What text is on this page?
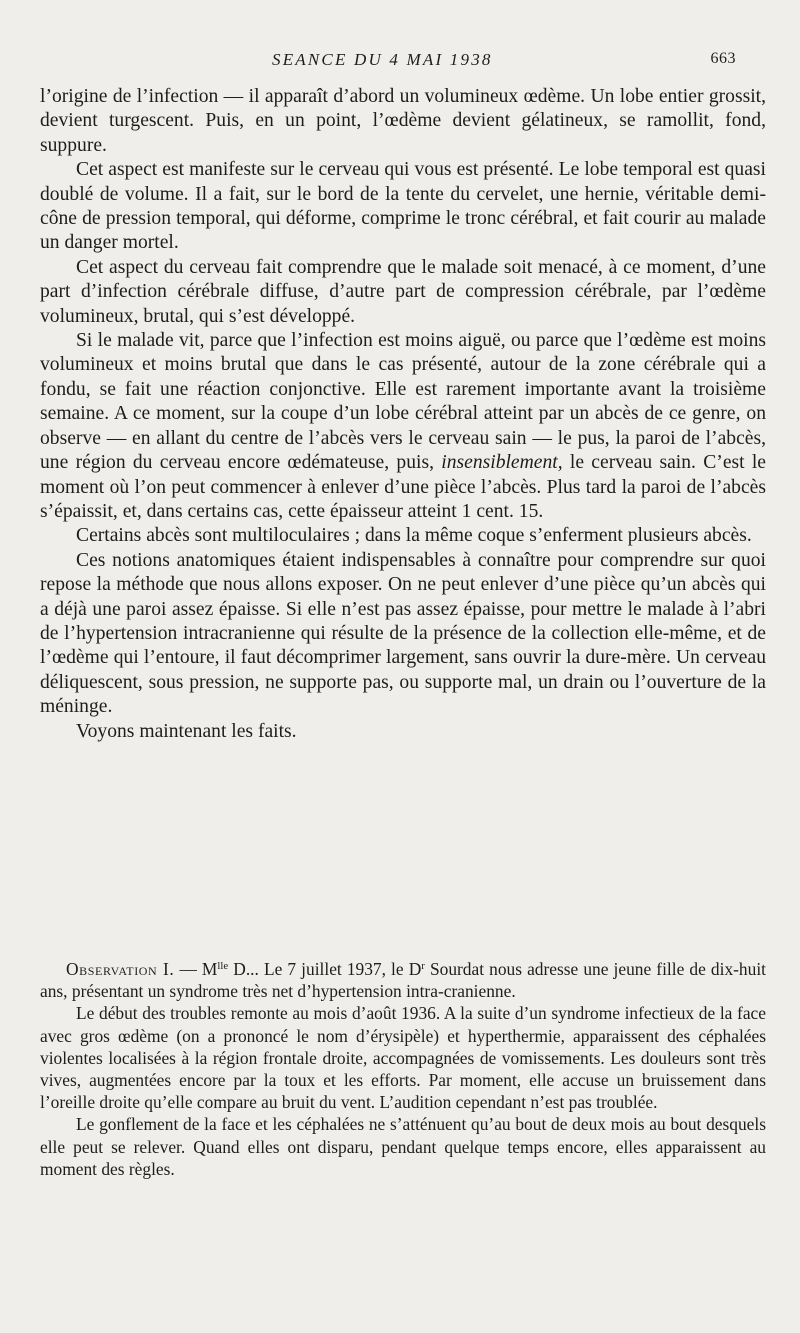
SEANCE DU 4 MAI 1938	663

l’origine de l’infection — il apparaît d’abord un volumineux œdème. Un lobe entier grossit, devient turgescent. Puis, en un point, l’œdème devient gélatineux, se ramollit, fond, suppure.

Cet aspect est manifeste sur le cerveau qui vous est présenté. Le lobe temporal est quasi doublé de volume. Il a fait, sur le bord de la tente du cervelet, une hernie, véritable demi-cône de pression temporal, qui déforme, comprime le tronc cérébral, et fait courir au malade un danger mortel.

Cet aspect du cerveau fait comprendre que le malade soit menacé, à ce moment, d’une part d’infection cérébrale diffuse, d’autre part de compression cérébrale, par l’œdème volumineux, brutal, qui s’est développé.

Si le malade vit, parce que l’infection est moins aiguë, ou parce que l’œdème est moins volumineux et moins brutal que dans le cas présenté, autour de la zone cérébrale qui a fondu, se fait une réaction conjonctive. Elle est rarement importante avant la troisième semaine. A ce moment, sur la coupe d’un lobe cérébral atteint par un abcès de ce genre, on observe — en allant du centre de l’abcès vers le cerveau sain — le pus, la paroi de l’abcès, une région du cerveau encore œdémateuse, puis, insensiblement, le cerveau sain. C’est le moment où l’on peut commencer à enlever d’une pièce l’abcès. Plus tard la paroi de l’abcès s’épaissit, et, dans certains cas, cette épaisseur atteint 1 cent. 15.

Certains abcès sont multiloculaires ; dans la même coque s’enferment plusieurs abcès.

Ces notions anatomiques étaient indispensables à connaître pour comprendre sur quoi repose la méthode que nous allons exposer. On ne peut enlever d’une pièce qu’un abcès qui a déjà une paroi assez épaisse. Si elle n’est pas assez épaisse, pour mettre le malade à l’abri de l’hypertension intracranienne qui résulte de la présence de la collection elle-même, et de l’œdème qui l’entoure, il faut décomprimer largement, sans ouvrir la dure-mère. Un cerveau déliquescent, sous pression, ne supporte pas, ou supporte mal, un drain ou l’ouverture de la méninge.

Voyons maintenant les faits.

Observation I. — $M^{lle}$ D... Le 7 juillet 1937, le $D^r$ Sourdat nous adresse une jeune fille de dix-huit ans, présentant un syndrome très net d’hypertension intra-cranienne.

Le début des troubles remonte au mois d’août 1936. A la suite d’un syndrome infectieux de la face avec gros œdème (on a prononcé le nom d’érysipèle) et hyperthermie, apparaissent des céphalées violentes localisées à la région frontale droite, accompagnées de vomissements. Les douleurs sont très vives, augmentées encore par la toux et les efforts. Par moment, elle accuse un bruissement dans l’oreille droite qu’elle compare au bruit du vent. L’audition cependant n’est pas troublée.

Le gonflement de la face et les céphalées ne s’atténuent qu’au bout de deux mois au bout desquels elle peut se relever. Quand elles ont disparu, pendant quelque temps encore, elles apparaissent au moment des règles.
